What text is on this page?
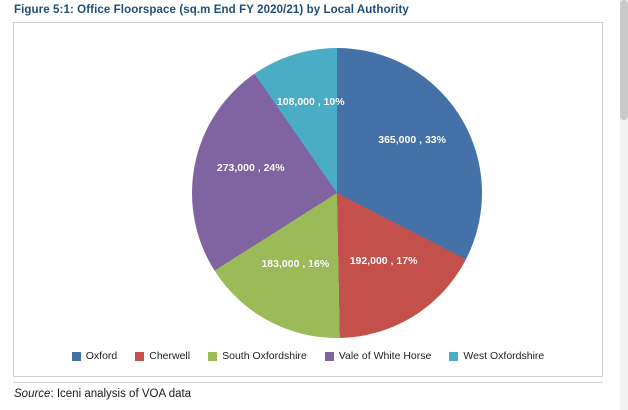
Figure 5:1: Office Floorspace (sq.m End FY 2020/21) by Local Authority
365,000 , 33%
192,000 , 17%
183,000 , 16%
273,000 , 24%
108,000 , 10%
Oxford	Cherwell	South Oxfordshire	Vale of White Horse	West Oxfordshire
Source: Iceni analysis of VOA data
